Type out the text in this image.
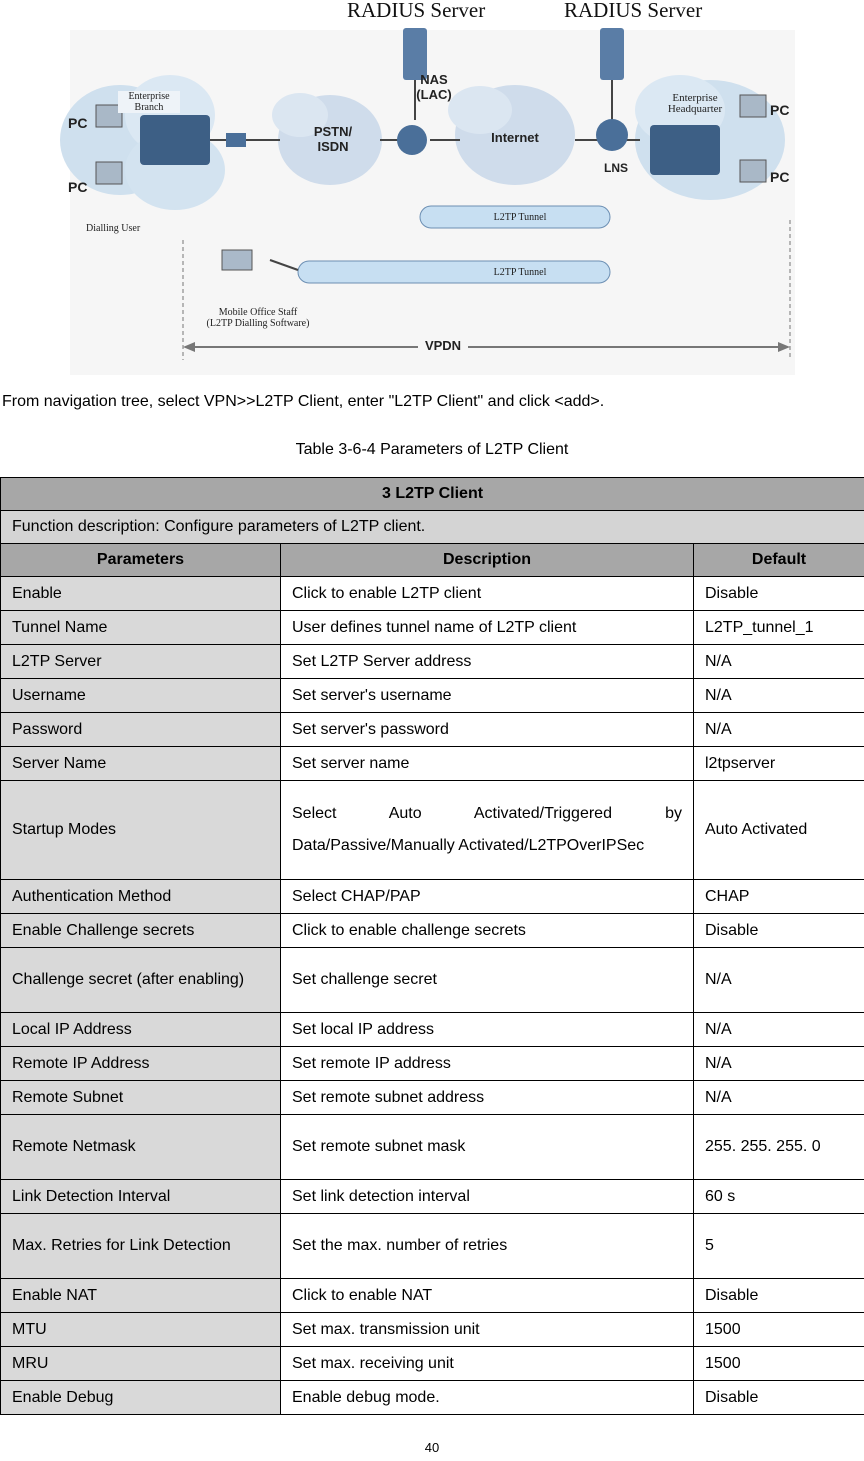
RADIUS Server	RADIUS Server
Enterprise Branch
Enterprise Headquarter
PC
PC
PC
PC
PSTN/ ISDN
NAS (LAC)
Internet
LNS
L2TP Tunnel
L2TP Tunnel
Dialling User
Mobile Office Staff
(L2TP Dialling Software)
VPDN
From navigation tree, select VPN>>L2TP Client, enter "L2TP Client" and click <add>.
Table 3-6-4 Parameters of L2TP Client
3 L2TP Client		
Function description: Configure parameters of L2TP client.		
Parameters	Description	Default
Enable	Click to enable L2TP client	Disable
Tunnel Name	User defines tunnel name of L2TP client	L2TP_tunnel_1
L2TP Server	Set L2TP Server address	N/A
Username	Set server's username	N/A
Password	Set server's password	N/A
Server Name	Set server name	l2tpserver
Startup Modes	Select Auto Activated/Triggered by Data/Passive/Manually Activated/L2TPOverIPSec	Auto Activated
Authentication Method	Select CHAP/PAP	CHAP
Enable Challenge secrets	Click to enable challenge secrets	Disable
Challenge secret (after enabling)	Set challenge secret	N/A
Local IP Address	Set local IP address	N/A
Remote IP Address	Set remote IP address	N/A
Remote Subnet	Set remote subnet address	N/A
Remote Netmask	Set remote subnet mask	255. 255. 255. 0
Link Detection Interval	Set link detection interval	60 s
Max. Retries for Link Detection	Set the max. number of retries	5
Enable NAT	Click to enable NAT	Disable
MTU	Set max. transmission unit	1500
MRU	Set max. receiving unit	1500
Enable Debug	Enable debug mode.	Disable
40
